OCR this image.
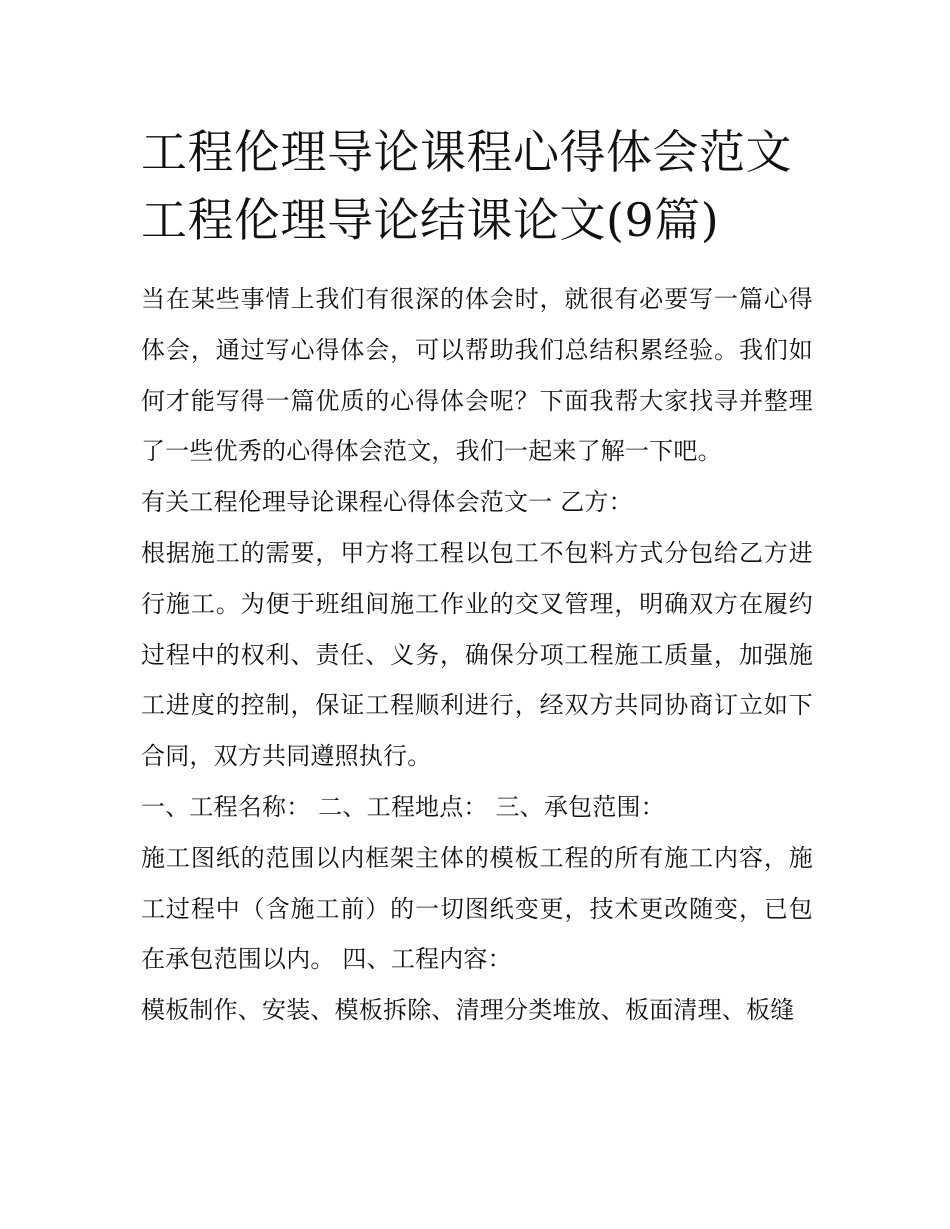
工程伦理导论课程心得体会范文 工程伦理导论结课论文(9篇)

当在某些事情上我们有很深的体会时，就很有必要写一篇心得体会，通过写心得体会，可以帮助我们总结积累经验。我们如何才能写得一篇优质的心得体会呢？下面我帮大家找寻并整理了一些优秀的心得体会范文，我们一起来了解一下吧。

有关工程伦理导论课程心得体会范文一 乙方：

根据施工的需要，甲方将工程以包工不包料方式分包给乙方进行施工。为便于班组间施工作业的交叉管理，明确双方在履约过程中的权利、责任、义务，确保分项工程施工质量，加强施工进度的控制，保证工程顺利进行，经双方共同协商订立如下合同，双方共同遵照执行。

一、工程名称： 二、工程地点： 三、承包范围：

施工图纸的范围以内框架主体的模板工程的所有施工内容，施工过程中（含施工前）的一切图纸变更，技术更改随变，已包在承包范围以内。 四、工程内容：

模板制作、安装、模板拆除、清理分类堆放、板面清理、板缝
